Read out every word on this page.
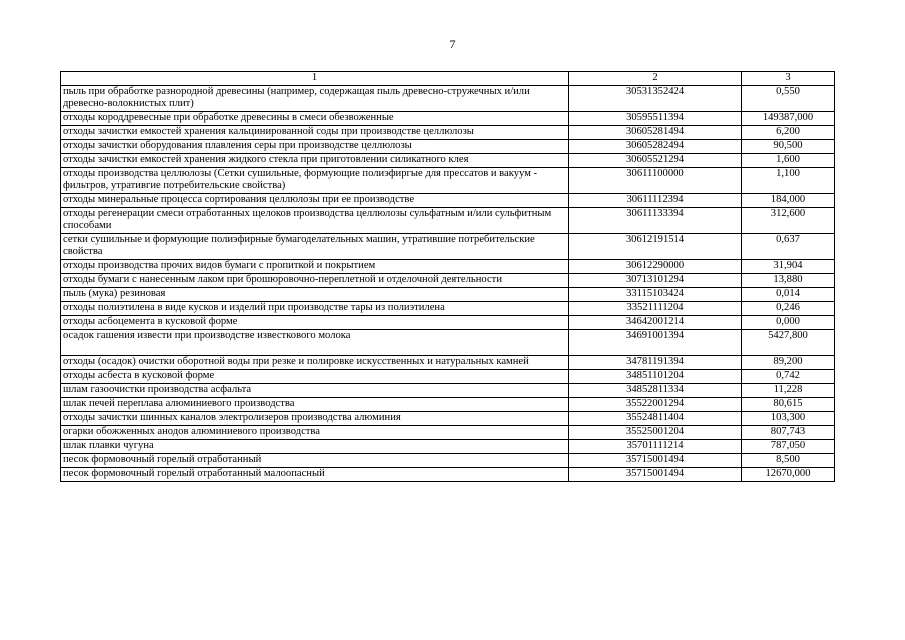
7
1	2	3
пыль при обработке разнородной древесины (например, содержащая пыль древесно-стружечных и/или древесно-волокнистых плит)	30531352424	0,550
отходы короддревесные при обработке древесины в смеси обезвоженные	30595511394	149387,000
отходы зачистки емкостей хранения кальцинированной соды при производстве целлюлозы	30605281494	6,200
отходы зачистки оборудования плавления серы при производстве целлюлозы	30605282494	90,500
отходы зачистки емкостей хранения жидкого стекла при приготовлении силикатного клея	30605521294	1,600
отходы производства целлюлозы (Сетки сушильные, формующие полиэфиргые для прессатов и вакуум - фильтров, утративгие потребительские свойства)	30611100000	1,100
отходы минеральные процесса сортирования целлюлозы при ее производстве	30611112394	184,000
отходы регенерации смеси отработанных щелоков производства целлюлозы сульфатным и/или сульфитным способами	30611133394	312,600
сетки сушильные и формующие полиэфирные бумагоделательных машин, утратившие потребительские свойства	30612191514	0,637
отходы производства прочих видов бумаги с пропиткой и покрытием	30612290000	31,904
отходы бумаги с нанесенным лаком при брошюровочно-переплетной и отделочной деятельности	30713101294	13,880
пыль (мука) резиновая	33115103424	0,014
отходы полиэтилена в виде кусков и изделий при производстве тары из полиэтилена	33521111204	0,246
отходы асбоцемента в кусковой форме	34642001214	0,000
осадок гашения извести при производстве известкового молока	34691001394	5427,800
отходы (осадок) очистки оборотной воды при резке и полировке искусственных и натуральных камней	34781191394	89,200
отходы асбеста в кусковой форме	34851101204	0,742
шлам газоочистки производства асфальта	34852811334	11,228
шлак печей переплава алюминиевого производства	35522001294	80,615
отходы зачистки шинных каналов электролизеров производства алюминия	35524811404	103,300
огарки обожженных анодов алюминиевого производства	35525001204	807,743
шлак плавки чугуна	35701111214	787,050
песок формовочный горелый отработанный	35715001494	8,500
песок формовочный горелый отработанный малоопасный	35715001494	12670,000
